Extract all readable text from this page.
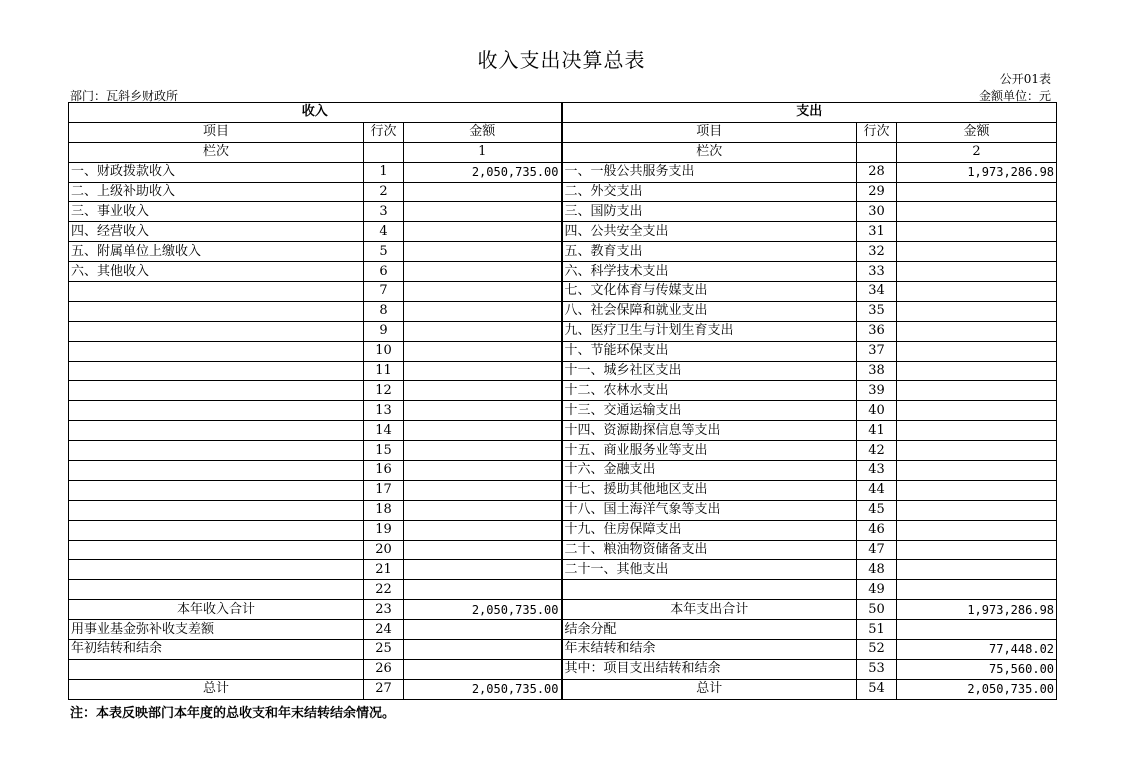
收入支出决算总表
公开01表
部门：瓦斜乡财政所	金额单位：元
收入			支出		
项目	行次	金额	项目	行次	金额
栏次		1	栏次		2
一、财政拨款收入	1	2,050,735.00	一、一般公共服务支出	28	1,973,286.98
二、上级补助收入	2		二、外交支出	29	
三、事业收入	3		三、国防支出	30	
四、经营收入	4		四、公共安全支出	31	
五、附属单位上缴收入	5		五、教育支出	32	
六、其他收入	6		六、科学技术支出	33	
	7		七、文化体育与传媒支出	34	
	8		八、社会保障和就业支出	35	
	9		九、医疗卫生与计划生育支出	36	
	10		十、节能环保支出	37	
	11		十一、城乡社区支出	38	
	12		十二、农林水支出	39	
	13		十三、交通运输支出	40	
	14		十四、资源勘探信息等支出	41	
	15		十五、商业服务业等支出	42	
	16		十六、金融支出	43	
	17		十七、援助其他地区支出	44	
	18		十八、国土海洋气象等支出	45	
	19		十九、住房保障支出	46	
	20		二十、粮油物资储备支出	47	
	21		二十一、其他支出	48	
	22			49	
本年收入合计	23	2,050,735.00	本年支出合计	50	1,973,286.98
用事业基金弥补收支差额	24		结余分配	51	
年初结转和结余	25		年末结转和结余	52	77,448.02
	26		其中：项目支出结转和结余	53	75,560.00
总计	27	2,050,735.00	总计	54	2,050,735.00
注：本表反映部门本年度的总收支和年末结转结余情况。
